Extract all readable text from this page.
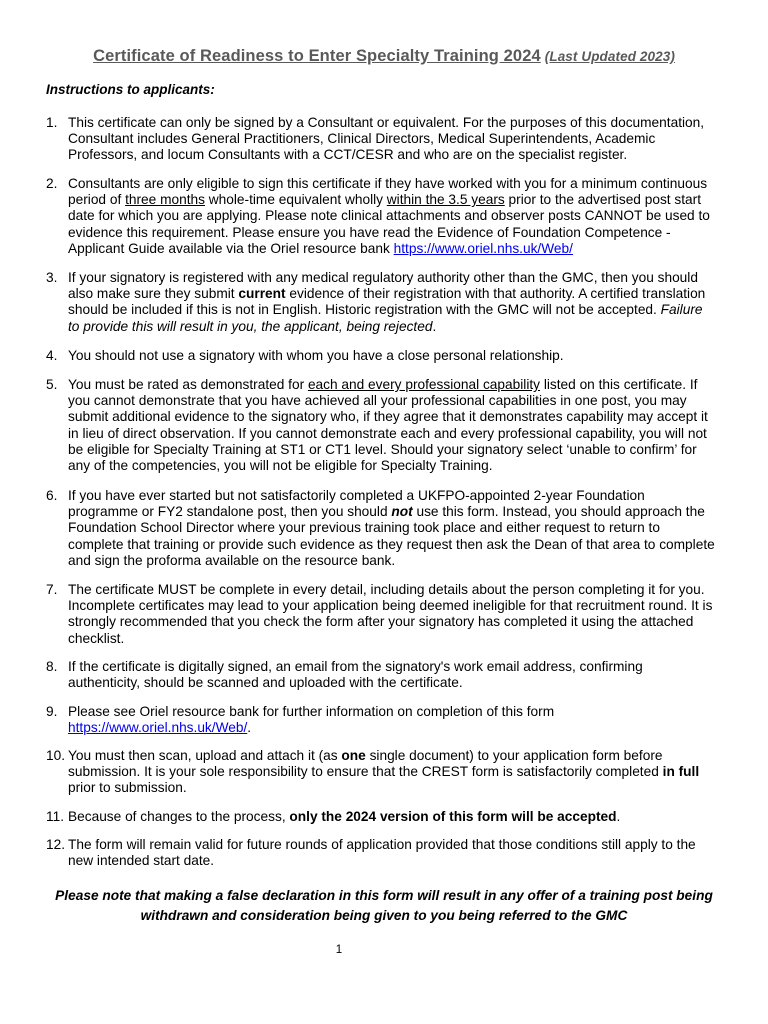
Certificate of Readiness to Enter Specialty Training 2024 (Last Updated 2023)
Instructions to applicants:
1. This certificate can only be signed by a Consultant or equivalent. For the purposes of this documentation,
Consultant includes General Practitioners, Clinical Directors, Medical Superintendents, Academic
Professors, and locum Consultants with a CCT/CESR and who are on the specialist register.
2. Consultants are only eligible to sign this certificate if they have worked with you for a minimum continuous
period of three months whole-time equivalent wholly within the 3.5 years prior to the advertised post start
date for which you are applying. Please note clinical attachments and observer posts CANNOT be used to
evidence this requirement. Please ensure you have read the Evidence of Foundation Competence -
Applicant Guide available via the Oriel resource bank https://www.oriel.nhs.uk/Web/
3. If your signatory is registered with any medical regulatory authority other than the GMC, then you should
also make sure they submit current evidence of their registration with that authority. A certified translation
should be included if this is not in English. Historic registration with the GMC will not be accepted. Failure
to provide this will result in you, the applicant, being rejected.
4. You should not use a signatory with whom you have a close personal relationship.
5. You must be rated as demonstrated for each and every professional capability listed on this certificate. If
you cannot demonstrate that you have achieved all your professional capabilities in one post, you may
submit additional evidence to the signatory who, if they agree that it demonstrates capability may accept it
in lieu of direct observation. If you cannot demonstrate each and every professional capability, you will not
be eligible for Specialty Training at ST1 or CT1 level. Should your signatory select ‘unable to confirm’ for
any of the competencies, you will not be eligible for Specialty Training.
6. If you have ever started but not satisfactorily completed a UKFPO-appointed 2-year Foundation
programme or FY2 standalone post, then you should not use this form. Instead, you should approach the
Foundation School Director where your previous training took place and either request to return to
complete that training or provide such evidence as they request then ask the Dean of that area to complete
and sign the proforma available on the resource bank.
7. The certificate MUST be complete in every detail, including details about the person completing it for you.
Incomplete certificates may lead to your application being deemed ineligible for that recruitment round. It is
strongly recommended that you check the form after your signatory has completed it using the attached
checklist.
8. If the certificate is digitally signed, an email from the signatory's work email address, confirming
authenticity, should be scanned and uploaded with the certificate.
9. Please see Oriel resource bank for further information on completion of this form
https://www.oriel.nhs.uk/Web/.
10. You must then scan, upload and attach it (as one single document) to your application form before
submission. It is your sole responsibility to ensure that the CREST form is satisfactorily completed in full
prior to submission.
11. Because of changes to the process, only the 2024 version of this form will be accepted.
12. The form will remain valid for future rounds of application provided that those conditions still apply to the
new intended start date.
Please note that making a false declaration in this form will result in any offer of a training post being
withdrawn and consideration being given to you being referred to the GMC
1
